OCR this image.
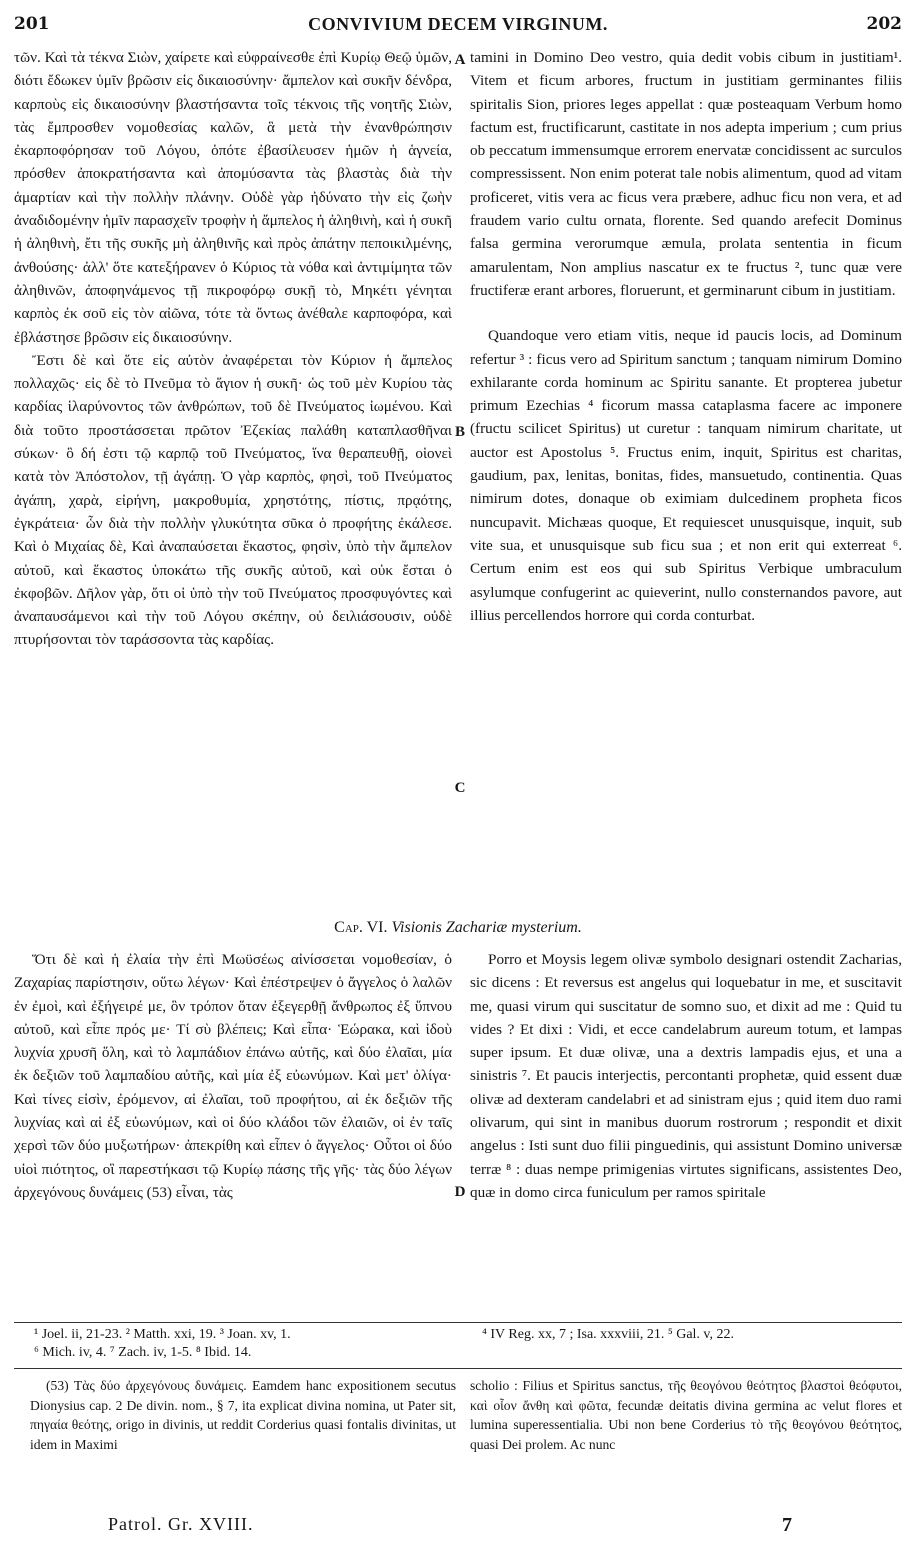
201	CONVIVIUM DECEM VIRGINUM.	202

τῶν. Καὶ τὰ τέκνα Σιὼν, χαίρετε καὶ εὐφραίνεσθε ἐπὶ Κυρίῳ Θεῷ ὑμῶν, διότι ἔδωκεν ὑμῖν βρῶσιν εἰς δικαιοσύνην· ἄμπελον καὶ συκῆν δένδρα, καρποὺς εἰς δικαιοσύνην βλαστήσαντα τοῖς τέκνοις τῆς νοητῆς Σιὼν, τὰς ἔμπροσθεν νομοθεσίας καλῶν, ἃ μετὰ τὴν ἐνανθρώπησιν ἐκαρποφόρησαν τοῦ Λόγου, ὁπότε ἐβασίλευσεν ἡμῶν ἡ ἁγνεία, πρόσθεν ἀποκρατήσαντα καὶ ἀπομύσαντα τὰς βλαστὰς διὰ τὴν ἁμαρτίαν καὶ τὴν πολλὴν πλάνην. Οὐδὲ γὰρ ἠδύνατο τὴν εἰς ζωὴν ἀναδιδομένην ἡμῖν παρασχεῖν τροφὴν ἡ ἄμπελος ἡ ἀληθινὴ, καὶ ἡ συκῆ ἡ ἀληθινὴ, ἔτι τῆς συκῆς μὴ ἀληθινῆς καὶ πρὸς ἀπάτην πεποικιλμένης, ἀνθούσης· ἀλλ' ὅτε κατεξήρανεν ὁ Κύριος τὰ νόθα καὶ ἀντιμίμητα τῶν ἀληθινῶν, ἀποφηνάμενος τῇ πικροφόρῳ συκῇ τὸ, Μηκέτι γένηται καρπὸς ἐκ σοῦ εἰς τὸν αἰῶνα, τότε τὰ ὄντως ἀνέθαλε καρποφόρα, καὶ ἐβλάστησε βρῶσιν εἰς δικαιοσύνην.

Ἔστι δὲ καὶ ὅτε εἰς αὐτὸν ἀναφέρεται τὸν Κύριον ἡ ἄμπελος πολλαχῶς· εἰς δὲ τὸ Πνεῦμα τὸ ἅγιον ἡ συκῆ· ὡς τοῦ μὲν Κυρίου τὰς καρδίας ἱλαρύνοντος τῶν ἀνθρώπων, τοῦ δὲ Πνεύματος ἰωμένου. Καὶ διὰ τοῦτο προστάσσεται πρῶτον Ἐζεκίας παλάθη καταπλασθῆναι σύκων· ὃ δή ἐστι τῷ καρπῷ τοῦ Πνεύματος, ἵνα θεραπευθῇ, οἱονεὶ κατὰ τὸν Ἀπόστολον, τῇ ἀγάπῃ. Ὁ γὰρ καρπὸς, φησὶ, τοῦ Πνεύματος ἀγάπη, χαρὰ, εἰρήνη, μακροθυμία, χρηστότης, πίστις, πρᾳότης, ἐγκράτεια· ὧν διὰ τὴν πολλὴν γλυκύτητα σῦκα ὁ προφήτης ἐκάλεσε. Καὶ ὁ Μιχαίας δὲ, Καὶ ἀναπαύσεται ἕκαστος, φησὶν, ὑπὸ τὴν ἄμπελον αὐτοῦ, καὶ ἕκαστος ὑποκάτω τῆς συκῆς αὐτοῦ, καὶ οὐκ ἔσται ὁ ἐκφοβῶν. Δῆλον γὰρ, ὅτι οἱ ὑπὸ τὴν τοῦ Πνεύματος προσφυγόντες καὶ ἀναπαυσάμενοι καὶ τὴν τοῦ Λόγου σκέπην, οὐ δειλιάσουσιν, οὐδὲ πτυρήσονται τὸν ταράσσοντα τὰς καρδίας.

tamini in Domino Deo vestro, quia dedit vobis cibum in justitiam¹. Vitem et ficum arbores, fructum in justitiam germinantes filiis spiritalis Sion, priores leges appellat : quæ posteaquam Verbum homo factum est, fructificarunt, castitate in nos adepta imperium ; cum prius ob peccatum immensumque errorem enervatæ concidissent ac surculos compressissent. Non enim poterat tale nobis alimentum, quod ad vitam proficeret, vitis vera ac ficus vera præbere, adhuc ficu non vera, et ad fraudem vario cultu ornata, florente. Sed quando arefecit Dominus falsa germina verorumque æmula, prolata sententia in ficum amarulentam, Non amplius nascatur ex te fructus ², tunc quæ vere fructiferæ erant arbores, floruerunt, et germinarunt cibum in justitiam.

Quandoque vero etiam vitis, neque id paucis locis, ad Dominum refertur ³ : ficus vero ad Spiritum sanctum ; tanquam nimirum Domino exhilarante corda hominum ac Spiritu sanante. Et propterea jubetur primum Ezechias ⁴ ficorum massa cataplasma facere ac imponere (fructu scilicet Spiritus) ut curetur : tanquam nimirum charitate, ut auctor est Apostolus ⁵. Fructus enim, inquit, Spiritus est charitas, gaudium, pax, lenitas, bonitas, fides, mansuetudo, continentia. Quas nimirum dotes, donaque ob eximiam dulcedinem propheta ficos nuncupavit. Michæas quoque, Et requiescet unusquisque, inquit, sub vite sua, et unusquisque sub ficu sua ; et non erit qui exterreat ⁶. Certum enim est eos qui sub Spiritus Verbique umbraculum asylumque confugerint ac quieverint, nullo consternandos pavore, aut illius percellendos horrore qui corda conturbat.

A
B
C
D
Cap. VI. Visionis Zachariæ mysterium.

Ὅτι δὲ καὶ ἡ ἐλαία τὴν ἐπὶ Μωϋσέως αἰνίσσεται νομοθεσίαν, ὁ Ζαχαρίας παρίστησιν, οὕτω λέγων· Καὶ ἐπέστρεψεν ὁ ἄγγελος ὁ λαλῶν ἐν ἐμοὶ, καὶ ἐξήγειρέ με, ὃν τρόπον ὅταν ἐξεγερθῇ ἄνθρωπος ἐξ ὕπνου αὐτοῦ, καὶ εἶπε πρός με· Τί σὺ βλέπεις; Καὶ εἶπα· Ἑώρακα, καὶ ἰδοὺ λυχνία χρυσῆ ὅλη, καὶ τὸ λαμπάδιον ἐπάνω αὐτῆς, καὶ δύο ἐλαῖαι, μία ἐκ δεξιῶν τοῦ λαμπαδίου αὐτῆς, καὶ μία ἐξ εὐωνύμων. Καὶ μετ' ὀλίγα· Καὶ τίνες εἰσὶν, ἐρόμενον, αἱ ἐλαῖαι, τοῦ προφήτου, αἱ ἐκ δεξιῶν τῆς λυχνίας καὶ αἱ ἐξ εὐωνύμων, καὶ οἱ δύο κλάδοι τῶν ἐλαιῶν, οἱ ἐν ταῖς χερσὶ τῶν δύο μυξωτήρων· ἀπεκρίθη καὶ εἶπεν ὁ ἄγγελος· Οὗτοι οἱ δύο υἱοὶ πιότητος, οἳ παρεστήκασι τῷ Κυρίῳ πάσης τῆς γῆς· τὰς δύο λέγων ἀρχεγόνους δυνάμεις (53) εἶναι, τὰς

Porro et Moysis legem olivæ symbolo designari ostendit Zacharias, sic dicens : Et reversus est angelus qui loquebatur in me, et suscitavit me, quasi virum qui suscitatur de somno suo, et dixit ad me : Quid tu vides ? Et dixi : Vidi, et ecce candelabrum aureum totum, et lampas super ipsum. Et duæ olivæ, una a dextris lampadis ejus, et una a sinistris ⁷. Et paucis interjectis, percontanti prophetæ, quid essent duæ olivæ ad dexteram candelabri et ad sinistram ejus ; quid item duo rami olivarum, qui sint in manibus duorum rostrorum ; respondit et dixit angelus : Isti sunt duo filii pinguedinis, qui assistunt Domino universæ terræ ⁸ : duas nempe primigenias virtutes significans, assistentes Deo, quæ in domo circa funiculum per ramos spiritale

¹ Joel. ii, 21-23. ² Matth. xxi, 19. ³ Joan. xv, 1.
⁶ Mich. iv, 4. ⁷ Zach. iv, 1-5. ⁸ Ibid. 14.
⁴ IV Reg. xx, 7 ; Isa. xxxviii, 21. ⁵ Gal. v, 22.

(53) Τὰς δύο ἀρχεγόνους δυνάμεις. Eamdem hanc expositionem secutus Dionysius cap. 2 De divin. nom., § 7, ita explicat divina nomina, ut Pater sit, πηγαία θεότης, origo in divinis, ut reddit Corderius quasi fontalis divinitas, ut idem in Maximi

scholio : Filius et Spiritus sanctus, τῆς θεογόνου θεότητος βλαστοὶ θεόφυτοι, καὶ οἷον ἄνθη καὶ φῶτα, fecundæ deitatis divina germina ac velut flores et lumina superessentialia. Ubi non bene Corderius τὸ τῆς θεογόνου θεότητος, quasi Dei prolem. Ac nunc

Patrol. Gr. XVIII.	7
